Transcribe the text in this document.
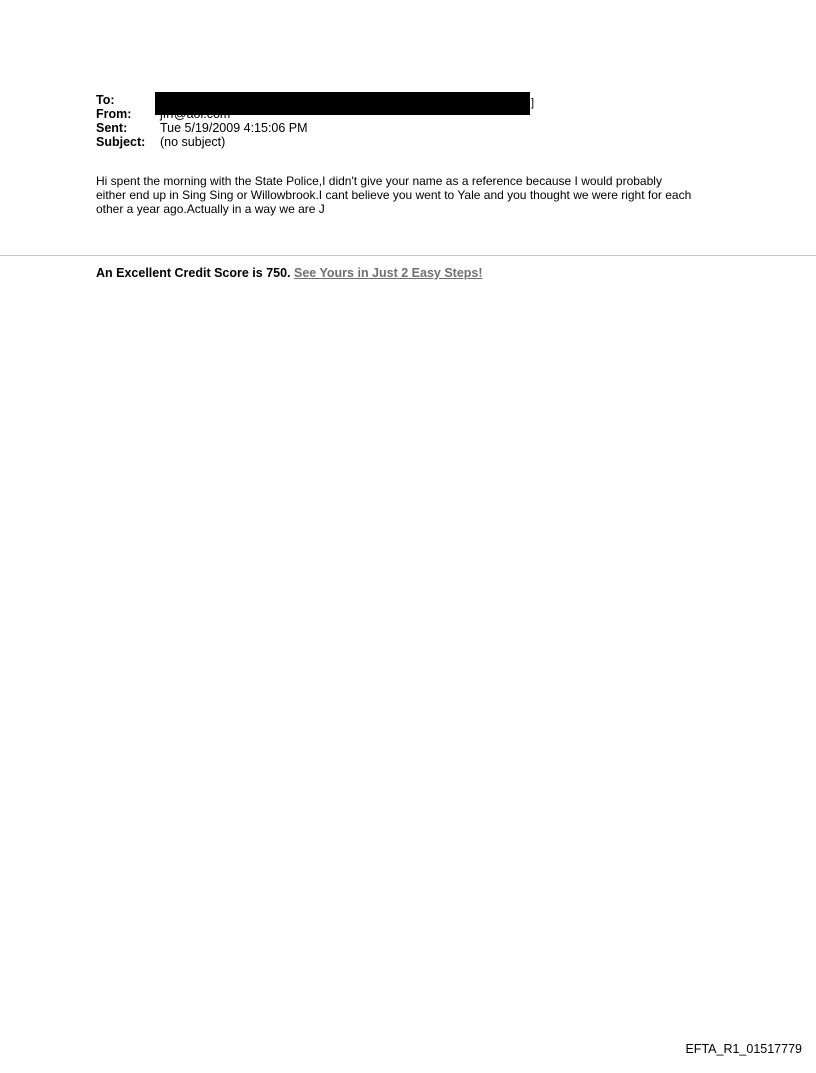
To:	]
From: jfrf@aol.com
Sent:	Tue 5/19/2009 4:15:06 PM
Subject: (no subject)
Hi spent the morning with the State Police,I didn't give your name as a reference because I would probably
either end up in Sing Sing or Willowbrook.I cant believe you went to Yale and you thought we were right for each
other a year ago.Actually in a way we are J
An Excellent Credit Score is 750. See Yours in Just 2 Easy Steps!
EFTA_R1_01517779
